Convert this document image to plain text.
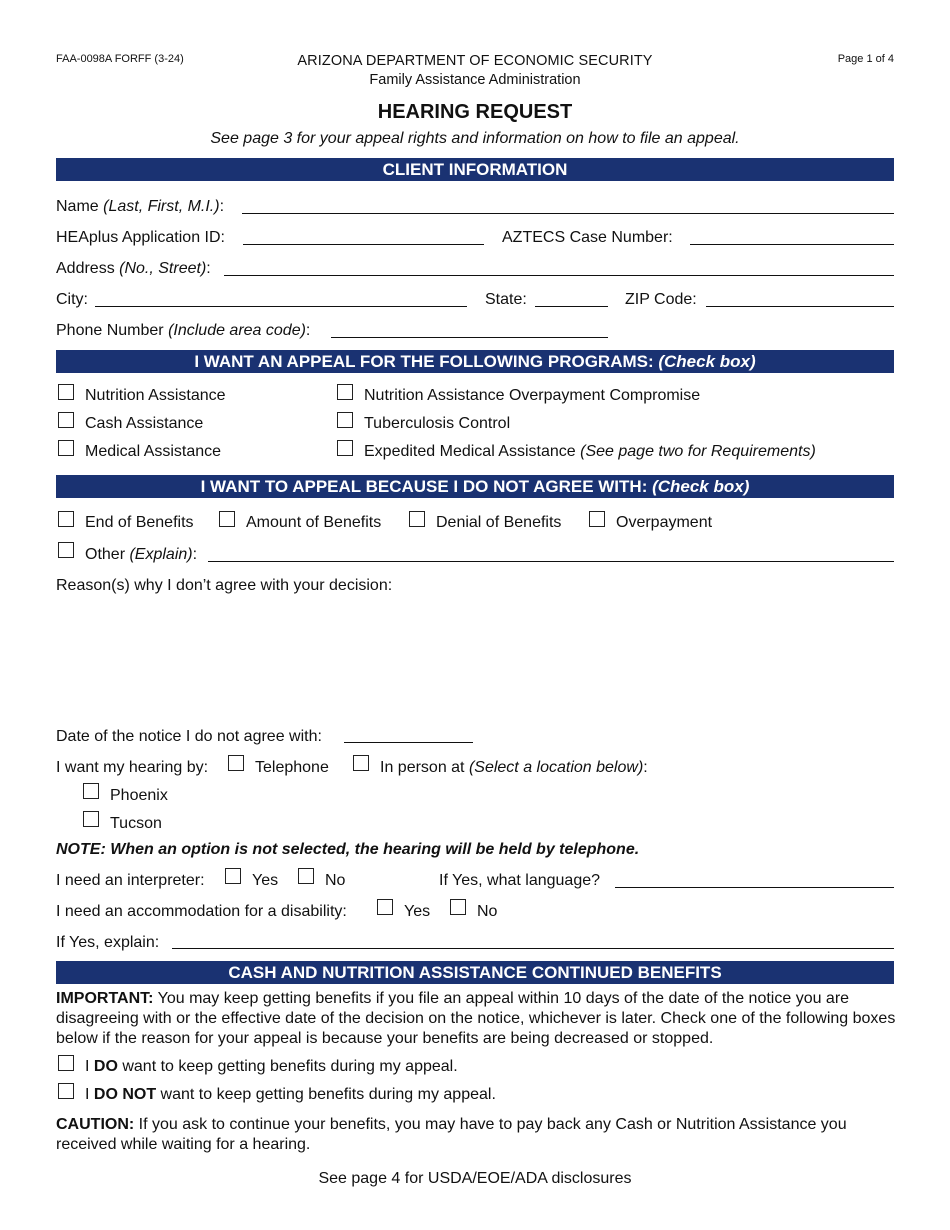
FAA-0098A FORFF (3-24)	Page 1 of 4
ARIZONA DEPARTMENT OF ECONOMIC SECURITY
Family Assistance Administration
HEARING REQUEST
See page 3 for your appeal rights and information on how to file an appeal.
CLIENT INFORMATION
Name (Last, First, M.I.):
HEAplus Application ID:	AZTECS Case Number:
Address (No., Street):
City:	State:	ZIP Code:
Phone Number (Include area code):
I WANT AN APPEAL FOR THE FOLLOWING PROGRAMS: (Check box)
Nutrition Assistance
Cash Assistance
Medical Assistance
Nutrition Assistance Overpayment Compromise
Tuberculosis Control
Expedited Medical Assistance (See page two for Requirements)
I WANT TO APPEAL BECAUSE I DO NOT AGREE WITH: (Check box)
End of Benefits	Amount of Benefits	Denial of Benefits	Overpayment
Other (Explain):
Reason(s) why I don’t agree with your decision:
Date of the notice I do not agree with:
I want my hearing by:	Telephone	In person at (Select a location below):
Phoenix
Tucson
NOTE: When an option is not selected, the hearing will be held by telephone.
I need an interpreter:	Yes	No	If Yes, what language?
I need an accommodation for a disability:	Yes	No
If Yes, explain:
CASH AND NUTRITION ASSISTANCE CONTINUED BENEFITS
IMPORTANT: You may keep getting benefits if you file an appeal within 10 days of the date of the notice you are disagreeing with or the effective date of the decision on the notice, whichever is later. Check one of the following boxes below if the reason for your appeal is because your benefits are being decreased or stopped.
I DO want to keep getting benefits during my appeal.
I DO NOT want to keep getting benefits during my appeal.
CAUTION: If you ask to continue your benefits, you may have to pay back any Cash or Nutrition Assistance you received while waiting for a hearing.
See page 4 for USDA/EOE/ADA disclosures
